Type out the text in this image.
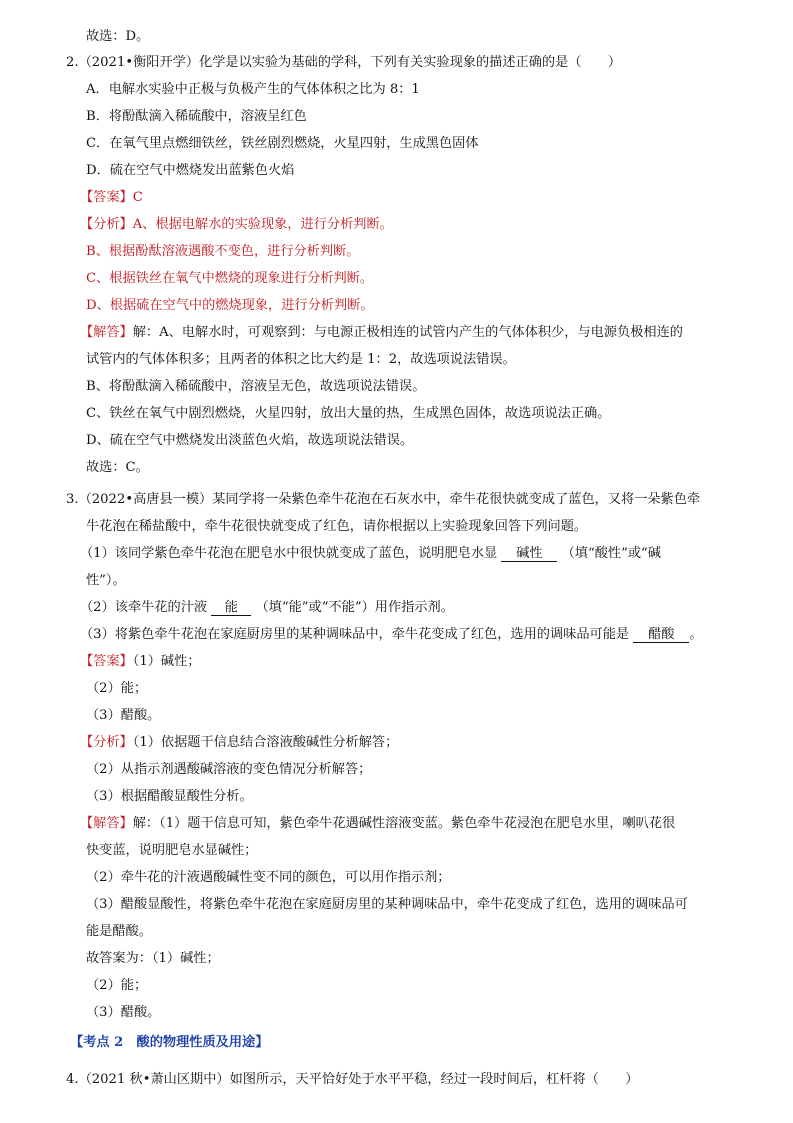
故选：D。
2.（2021•衡阳开学）化学是以实验为基础的学科，下列有关实验现象的描述正确的是（　　）
A．电解水实验中正极与负极产生的气体体积之比为 8：1
B．将酚酞滴入稀硫酸中，溶液呈红色
C．在氧气里点燃细铁丝，铁丝剧烈燃烧，火星四射，生成黑色固体
D．硫在空气中燃烧发出蓝紫色火焰
【答案】C
【分析】A、根据电解水的实验现象，进行分析判断。
B、根据酚酞溶液遇酸不变色，进行分析判断。
C、根据铁丝在氧气中燃烧的现象进行分析判断。
D、根据硫在空气中的燃烧现象，进行分析判断。
【解答】解：A、电解水时，可观察到：与电源正极相连的试管内产生的气体体积少，与电源负极相连的
试管内的气体体积多；且两者的体积之比大约是 1：2，故选项说法错误。
B、将酚酞滴入稀硫酸中，溶液呈无色，故选项说法错误。
C、铁丝在氧气中剧烈燃烧，火星四射，放出大量的热，生成黑色固体，故选项说法正确。
D、硫在空气中燃烧发出淡蓝色火焰，故选项说法错误。
故选：C。
3.（2022•高唐县一模）某同学将一朵紫色牵牛花泡在石灰水中，牵牛花很快就变成了蓝色，又将一朵紫色牵
牛花泡在稀盐酸中，牵牛花很快就变成了红色，请你根据以上实验现象回答下列问题。
（1）该同学紫色牵牛花泡在肥皂水中很快就变成了蓝色，说明肥皂水显 碱性 （填“酸性”或“碱
性”）。
（2）该牵牛花的汁液 能 （填“能”或“不能”）用作指示剂。
（3）将紫色牵牛花泡在家庭厨房里的某种调味品中，牵牛花变成了红色，选用的调味品可能是 醋酸 。
【答案】（1）碱性；
（2）能；
（3）醋酸。
【分析】（1）依据题干信息结合溶液酸碱性分析解答；
（2）从指示剂遇酸碱溶液的变色情况分析解答；
（3）根据醋酸显酸性分析。
【解答】解：（1）题干信息可知，紫色牵牛花遇碱性溶液变蓝。紫色牵牛花浸泡在肥皂水里，喇叭花很
快变蓝，说明肥皂水显碱性；
（2）牵牛花的汁液遇酸碱性变不同的颜色，可以用作指示剂；
（3）醋酸显酸性，将紫色牵牛花泡在家庭厨房里的某种调味品中，牵牛花变成了红色，选用的调味品可
能是醋酸。
故答案为：（1）碱性；
（2）能；
（3）醋酸。
【考点 2　酸的物理性质及用途】
4.（2021 秋•萧山区期中）如图所示，天平恰好处于水平平稳，经过一段时间后，杠杆将（　　）
